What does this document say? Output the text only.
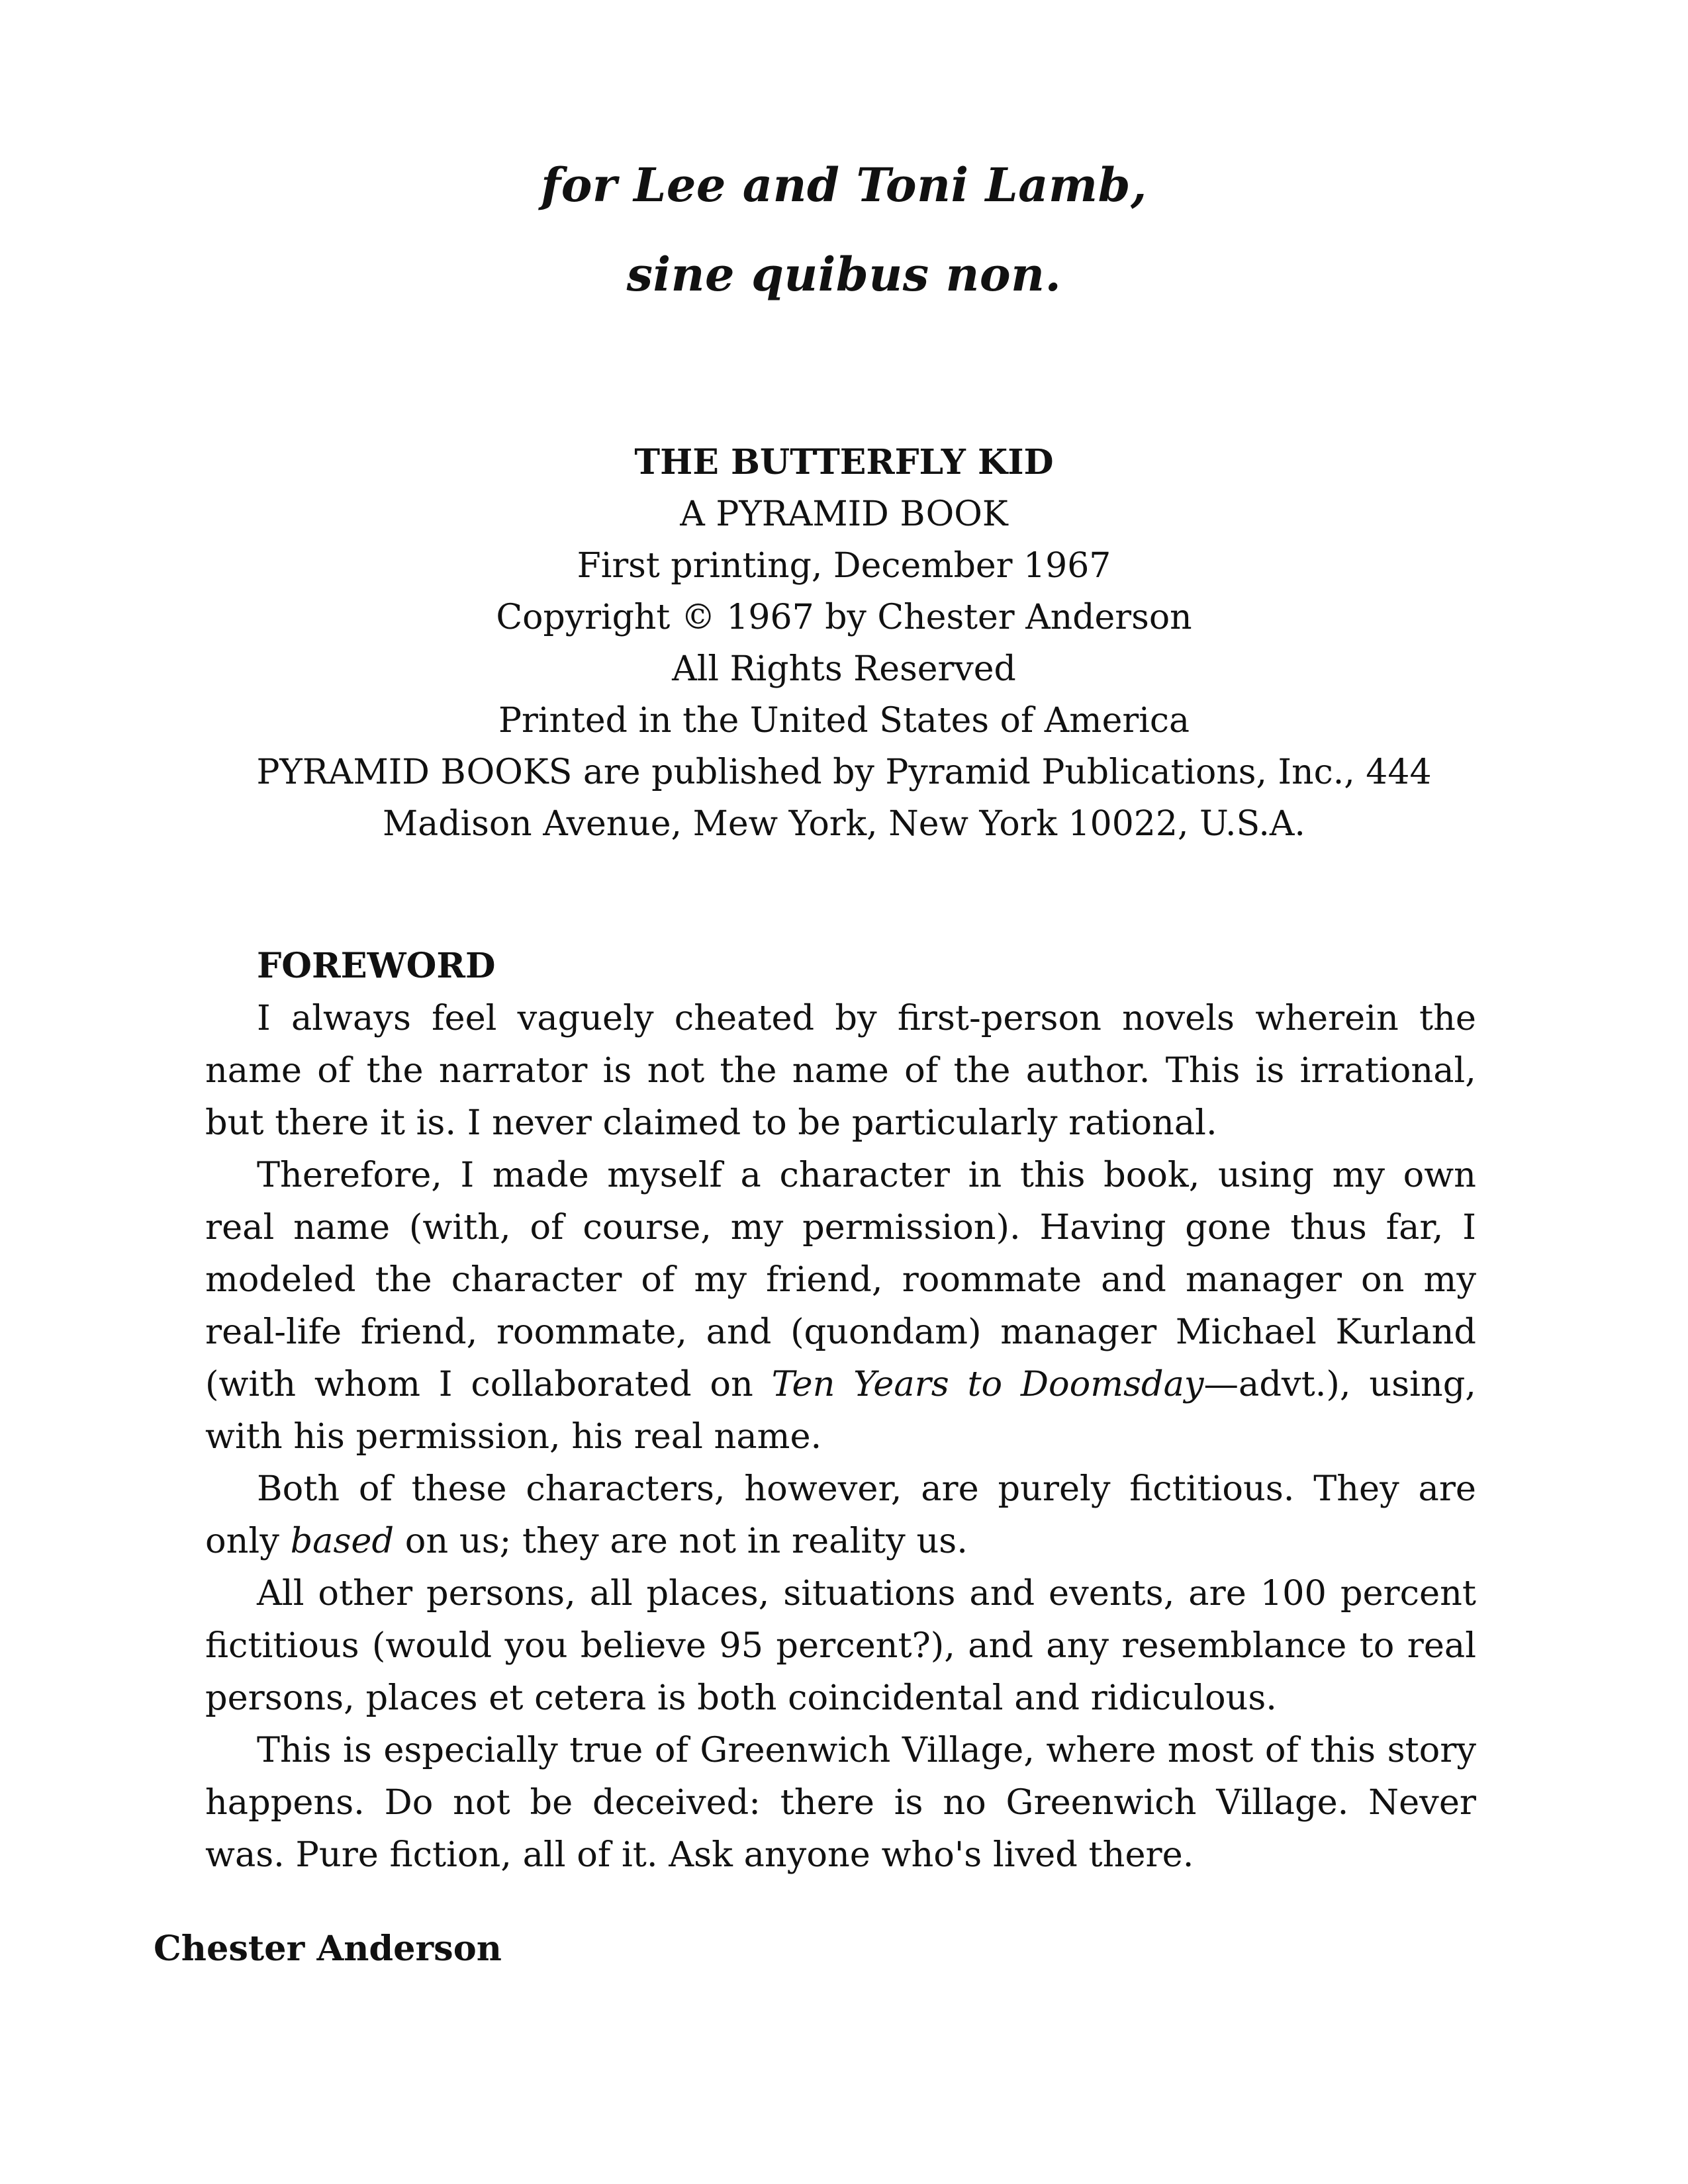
for Lee and Toni Lamb,
sine quibus non.
THE BUTTERFLY KID
A PYRAMID BOOK
First printing, December 1967
Copyright © 1967 by Chester Anderson
All Rights Reserved
Printed in the United States of America
PYRAMID BOOKS are published by Pyramid Publications, Inc., 444
Madison Avenue, Mew York, New York 10022, U.S.A.
FOREWORD

I always feel vaguely cheated by first-person novels wherein the name of the narrator is not the name of the author. This is irrational, but there it is. I never claimed to be particularly rational.

Therefore, I made myself a character in this book, using my own real name (with, of course, my permission). Having gone thus far, I modeled the character of my friend, roommate and manager on my real-life friend, roommate, and (quondam) manager Michael Kurland (with whom I collaborated on Ten Years to Doomsday—advt.), using, with his permission, his real name.

Both of these characters, however, are purely fictitious. They are only based on us; they are not in reality us.

All other persons, all places, situations and events, are 100 percent fictitious (would you believe 95 percent?), and any resemblance to real persons, places et cetera is both coincidental and ridiculous.

This is especially true of Greenwich Village, where most of this story happens. Do not be deceived: there is no Greenwich Village. Never was. Pure fiction, all of it. Ask anyone who's lived there.

Chester Anderson
